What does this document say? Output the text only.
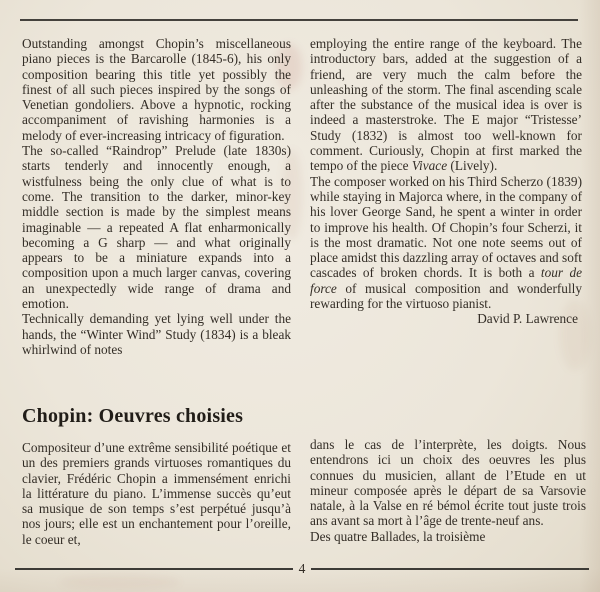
Outstanding amongst Chopin’s miscellaneous piano pieces is the Barcarolle (1845-6), his only composition bearing this title yet possibly the finest of all such pieces inspired by the songs of Venetian gondoliers. Above a hypnotic, rocking accompaniment of ravishing harmonies is a melody of ever-increasing intricacy of figuration.

The so-called “Raindrop” Prelude (late 1830s) starts tenderly and innocently enough, a wistfulness being the only clue of what is to come. The transition to the darker, minor-key middle section is made by the simplest means imaginable — a repeated A flat enharmonically becoming a G sharp — and what originally appears to be a miniature expands into a composition upon a much larger canvas, covering an unexpectedly wide range of drama and emotion.

Technically demanding yet lying well under the hands, the “Winter Wind” Study (1834) is a bleak whirlwind of notes

employing the entire range of the keyboard. The introductory bars, added at the suggestion of a friend, are very much the calm before the unleashing of the storm. The final ascending scale after the substance of the musical idea is over is indeed a masterstroke. The E major “Tristesse’ Study (1832) is almost too well-known for comment. Curiously, Chopin at first marked the tempo of the piece Vivace (Lively).

The composer worked on his Third Scherzo (1839) while staying in Majorca where, in the company of his lover George Sand, he spent a winter in order to improve his health. Of Chopin’s four Scherzi, it is the most dramatic. Not one note seems out of place amidst this dazzling array of octaves and soft cascades of broken chords. It is both a tour de force of musical composition and wonderfully rewarding for the virtuoso pianist.

David P. Lawrence

Chopin: Oeuvres choisies

Compositeur d’une extrême sensibilité poétique et un des premiers grands virtuoses romantiques du clavier, Frédéric Chopin a immensément enrichi la littérature du piano. L’immense succès qu’eut sa musique de son temps s’est perpétué jusqu’à nos jours; elle est un enchantement pour l’oreille, le coeur et,

dans le cas de l’interprète, les doigts. Nous entendrons ici un choix des oeuvres les plus connues du musicien, allant de l’Etude en ut mineur composée après le départ de sa Varsovie natale, à la Valse en ré bémol écrite tout juste trois ans avant sa mort à l’âge de trente-neuf ans.

Des quatre Ballades, la troisième

4
